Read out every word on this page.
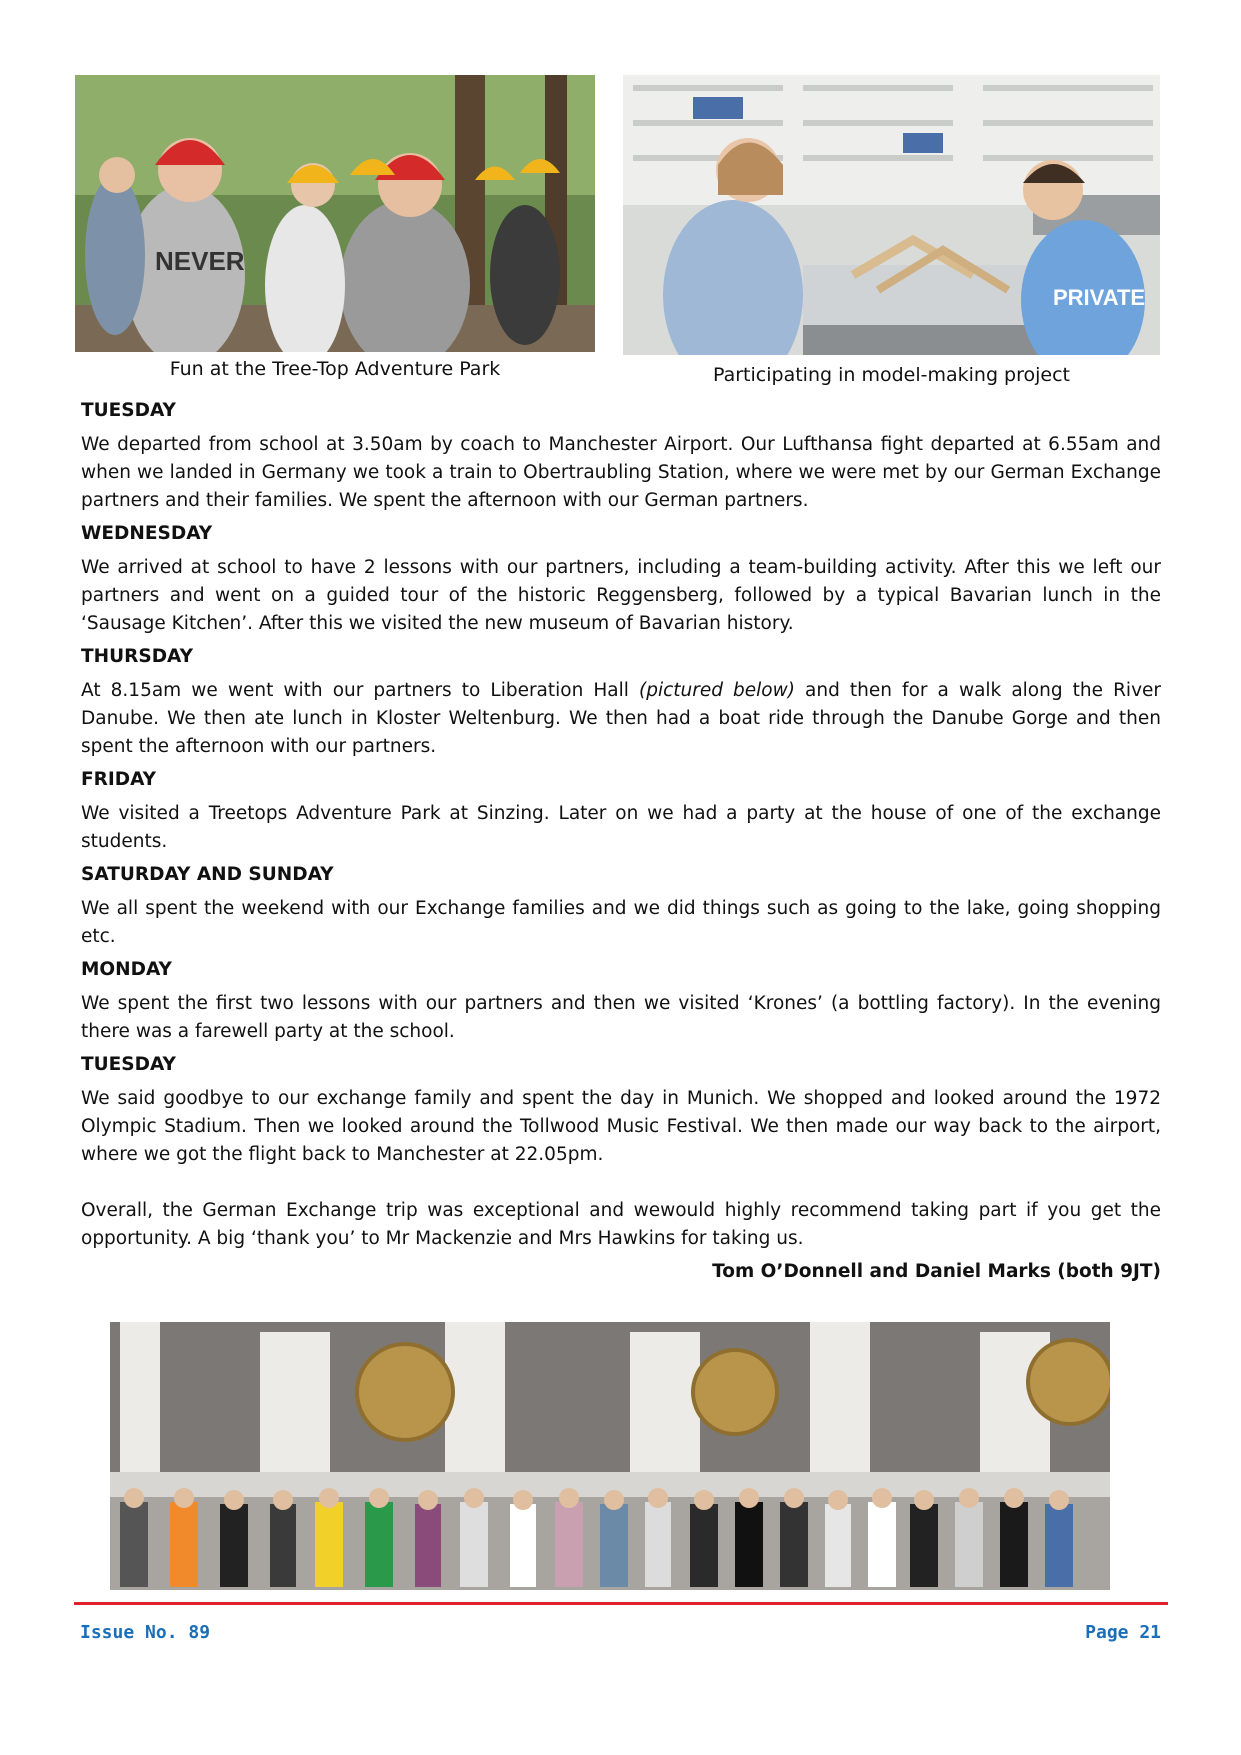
NEVER
Fun at the Tree-Top Adventure Park
PRIVATE
Participating in model-making project
TUESDAY

We departed from school at 3.50am by coach to Manchester Airport. Our Lufthansa fight departed at 6.55am and when we landed in Germany we took a train to Obertraubling Station, where we were met by our German Exchange partners and their families. We spent the afternoon with our German partners.

WEDNESDAY

We arrived at school to have 2 lessons with our partners, including a team-building activity. After this we left our partners and went on a guided tour of the historic Reggensberg, followed by a typical Bavarian lunch in the ‘Sausage Kitchen’. After this we visited the new museum of Bavarian history.

THURSDAY

At 8.15am we went with our partners to Liberation Hall (pictured below) and then for a walk along the River Danube. We then ate lunch in Kloster Weltenburg. We then had a boat ride through the Danube Gorge and then spent the afternoon with our partners.

FRIDAY

We visited a Treetops Adventure Park at Sinzing. Later on we had a party at the house of one of the exchange students.

SATURDAY AND SUNDAY

We all spent the weekend with our Exchange families and we did things such as going to the lake, going shopping etc.

MONDAY

We spent the first two lessons with our partners and then we visited ‘Krones’ (a bottling factory). In the evening there was a farewell party at the school.

TUESDAY

We said goodbye to our exchange family and spent the day in Munich. We shopped and looked around the 1972 Olympic Stadium. Then we looked around the Tollwood Music Festival. We then made our way back to the airport, where we got the flight back to Manchester at 22.05pm.

Overall, the German Exchange trip was exceptional and wewould highly recommend taking part if you get the opportunity. A big ‘thank you’ to Mr Mackenzie and Mrs Hawkins for taking us.

Tom O’Donnell and Daniel Marks (both 9JT)
Issue No. 89	Page 21
